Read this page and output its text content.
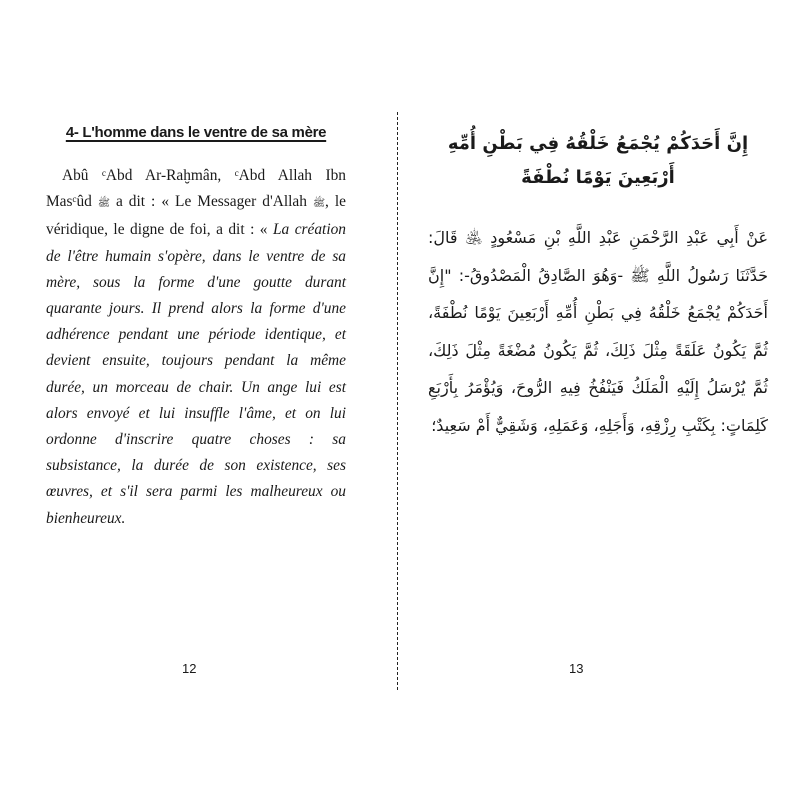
4- L'homme dans le ventre de sa mère

Abû ᶜAbd Ar-Raḫmân, ᶜAbd Allah Ibn Masᶜûd ﷺ a dit : « Le Messager d'Allah ﷺ, le véridique, le digne de foi, a dit : « La création de l'être humain s'opère, dans le ventre de sa mère, sous la forme d'une goutte durant quarante jours. Il prend alors la forme d'une adhérence pendant une période identique, et devient ensuite, toujours pendant la même durée, un morceau de chair. Un ange lui est alors envoyé et lui insuffle l'âme, et on lui ordonne d'inscrire quatre choses : sa subsistance, la durée de son existence, ses œuvres, et s'il sera parmi les malheureux ou bienheureux.

12
إِنَّ أَحَدَكُمْ يُجْمَعُ خَلْقُهُ فِي بَطْنِ أُمِّهِ أَرْبَعِينَ يَوْمًا نُطْفَةً

عَنْ أَبِي عَبْدِ الرَّحْمَنِ عَبْدِ اللَّهِ بْنِ مَسْعُودٍ ﵁ قَالَ: حَدَّثَنَا رَسُولُ اللَّهِ ﷺ -وَهُوَ الصَّادِقُ الْمَصْدُوقُ-: "إِنَّ أَحَدَكُمْ يُجْمَعُ خَلْقُهُ فِي بَطْنِ أُمِّهِ أَرْبَعِينَ يَوْمًا نُطْفَةً، ثُمَّ يَكُونُ عَلَقَةً مِثْلَ ذَلِكَ، ثُمَّ يَكُونُ مُضْغَةً مِثْلَ ذَلِكَ، ثُمَّ يُرْسَلُ إِلَيْهِ الْمَلَكُ فَيَنْفُخُ فِيهِ الرُّوحَ، وَيُؤْمَرُ بِأَرْبَعِ كَلِمَاتٍ: بِكَتْبِ رِزْقِهِ، وَأَجَلِهِ، وَعَمَلِهِ، وَشَقِيٌّ أَمْ سَعِيدٌ؛

13
